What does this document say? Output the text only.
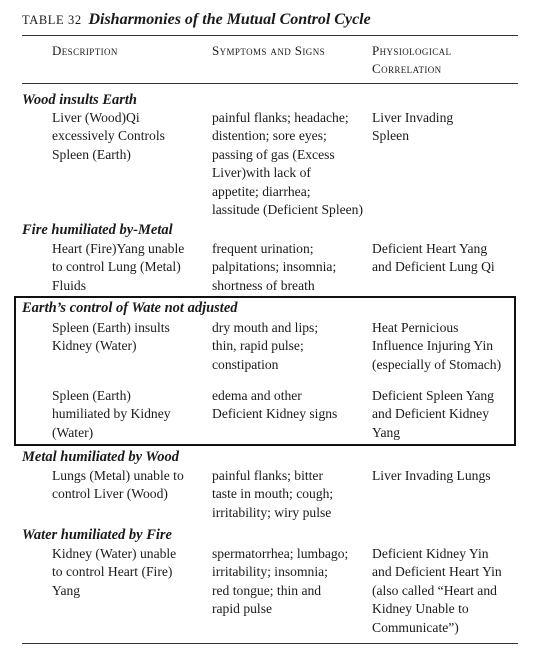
TABLE 32 Disharmonies of the Mutual Control Cycle
Description	Symptoms and Signs	Physiological
Correlation
Wood insults Earth
Liver (Wood)Qi
excessively Controls
Spleen (Earth)
painful flanks; headache;
distention; sore eyes;
passing of gas (Excess
Liver)with lack of
appetite; diarrhea;
lassitude (Deficient Spleen)
Liver Invading
Spleen
Fire humiliated by-Metal
Heart (Fire)Yang unable
to control Lung (Metal)
Fluids
frequent urination;
palpitations; insomnia;
shortness of breath
Deficient Heart Yang
and Deficient Lung Qi
Earth’s control of Wate not adjusted
Spleen (Earth) insults
Kidney (Water)
dry mouth and lips;
thin, rapid pulse;
constipation
Heat Pernicious
Influence Injuring Yin
(especially of Stomach)
Spleen (Earth)
humiliated by Kidney
(Water)
edema and other
Deficient Kidney signs
Deficient Spleen Yang
and Deficient Kidney
Yang
Metal humiliated by Wood
Lungs (Metal) unable to
control Liver (Wood)
painful flanks; bitter
taste in mouth; cough;
irritability; wiry pulse
Liver Invading Lungs
Water humiliated by Fire
Kidney (Water) unable
to control Heart (Fire)
Yang
spermatorrhea; lumbago;
irritability; insomnia;
red tongue; thin and
rapid pulse
Deficient Kidney Yin
and Deficient Heart Yin
(also called “Heart and
Kidney Unable to
Communicate”)
